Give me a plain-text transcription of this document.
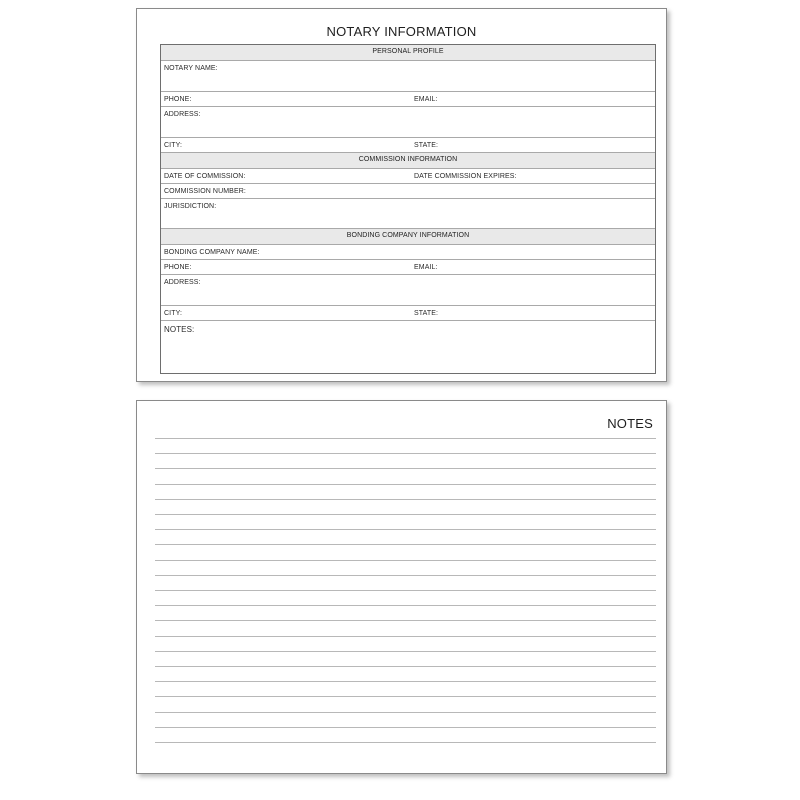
NOTARY INFORMATION
PERSONAL PROFILE
NOTARY NAME:
PHONE:	EMAIL:
ADDRESS:
CITY:	STATE:
COMMISSION INFORMATION
DATE OF COMMISSION:	DATE COMMISSION EXPIRES:
COMMISSION NUMBER:
JURISDICTION:
BONDING COMPANY INFORMATION
BONDING COMPANY NAME:
PHONE:	EMAIL:
ADDRESS:
CITY:	STATE:
NOTES:
NOTES
